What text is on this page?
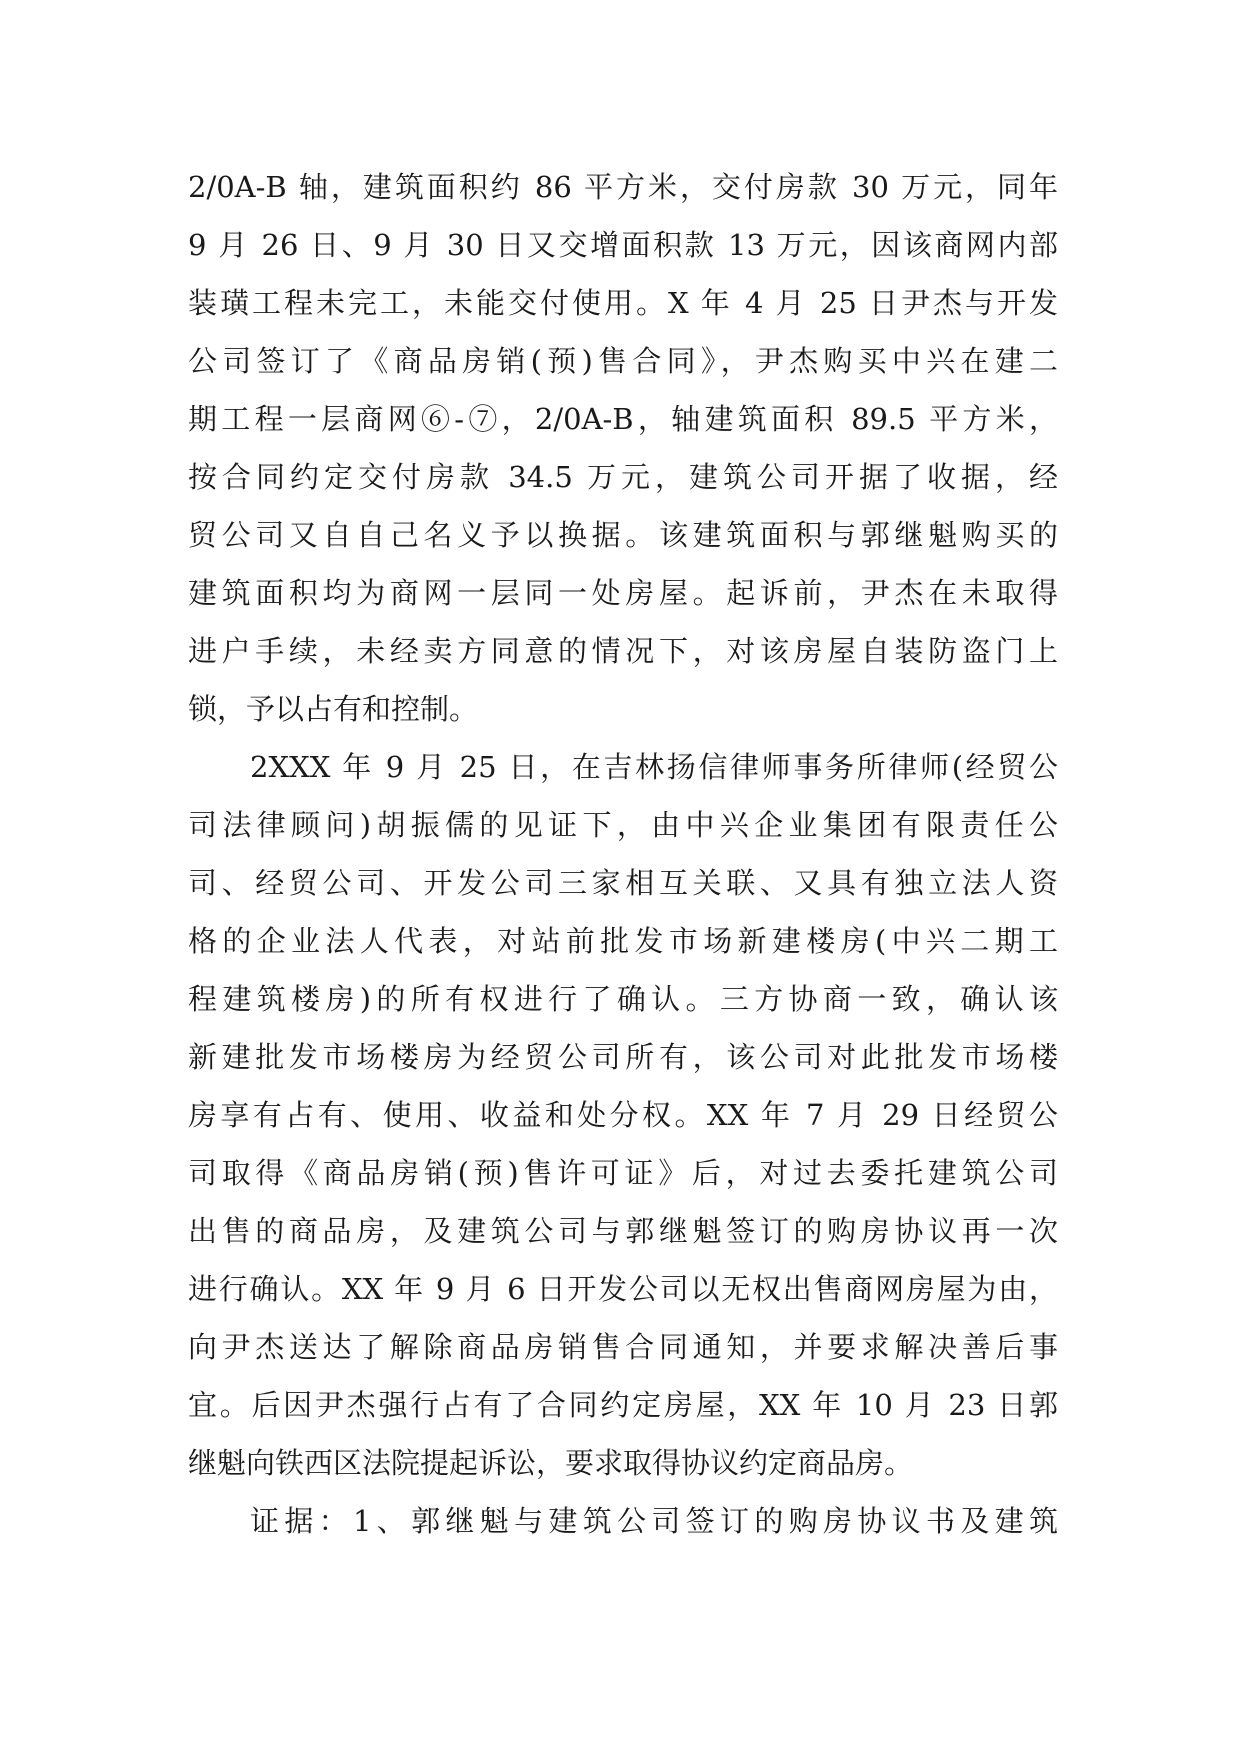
2/0A-B 轴，建筑面积约 86 平方米，交付房款 30 万元，同年
9 月 26 日、9 月 30 日又交增面积款 13 万元，因该商网内部
装璜工程未完工，未能交付使用。X 年 4 月 25 日尹杰与开发
公司签订了《商品房销(预)售合同》，尹杰购买中兴在建二
期工程一层商网⑥-⑦，2/0A-B，轴建筑面积 89.5 平方米，
按合同约定交付房款 34.5 万元，建筑公司开据了收据，经
贸公司又自自己名义予以换据。该建筑面积与郭继魁购买的
建筑面积均为商网一层同一处房屋。起诉前，尹杰在未取得
进户手续，未经卖方同意的情况下，对该房屋自装防盗门上
锁，予以占有和控制。
2XXX 年 9 月 25 日，在吉林扬信律师事务所律师(经贸公
司法律顾问)胡振儒的见证下，由中兴企业集团有限责任公
司、经贸公司、开发公司三家相互关联、又具有独立法人资
格的企业法人代表，对站前批发市场新建楼房(中兴二期工
程建筑楼房)的所有权进行了确认。三方协商一致，确认该
新建批发市场楼房为经贸公司所有，该公司对此批发市场楼
房享有占有、使用、收益和处分权。XX 年 7 月 29 日经贸公
司取得《商品房销(预)售许可证》后，对过去委托建筑公司
出售的商品房，及建筑公司与郭继魁签订的购房协议再一次
进行确认。XX 年 9 月 6 日开发公司以无权出售商网房屋为由，
向尹杰送达了解除商品房销售合同通知，并要求解决善后事
宜。后因尹杰强行占有了合同约定房屋，XX 年 10 月 23 日郭
继魁向铁西区法院提起诉讼，要求取得协议约定商品房。
证据：1、郭继魁与建筑公司签订的购房协议书及建筑
